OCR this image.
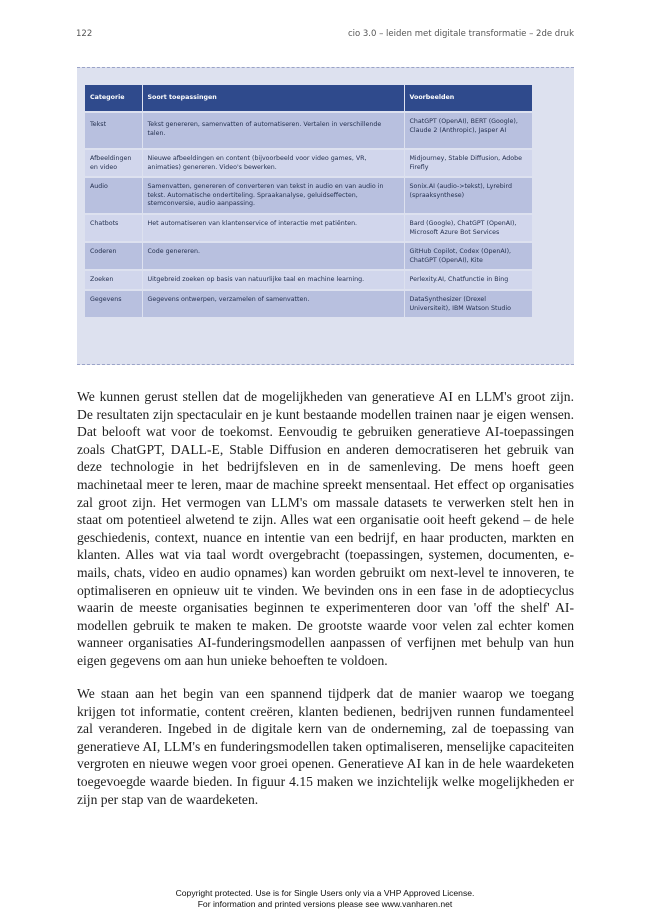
122	cio 3.0 – leiden met digitale transformatie – 2de druk
Categorie	Soort toepassingen	Voorbeelden
Tekst	Tekst genereren, samenvatten of automatiseren. Vertalen in verschillende talen.	ChatGPT (OpenAI), BERT (Google), Claude 2 (Anthropic), Jasper AI
Afbeeldingen en video	Nieuwe afbeeldingen en content (bijvoorbeeld voor video games, VR, animaties) genereren. Video's bewerken.	Midjourney, Stable Diffusion, Adobe Firefly
Audio	Samenvatten, genereren of converteren van tekst in audio en van audio in tekst. Automatische ondertiteling. Spraakanalyse, geluidseffecten, stemconversie, audio aanpassing.	Sonix.AI (audio->tekst), Lyrebird (spraaksynthese)
Chatbots	Het automatiseren van klantenservice of interactie met patiënten.	Bard (Google), ChatGPT (OpenAI), Microsoft Azure Bot Services
Coderen	Code genereren.	GitHub Copilot, Codex (OpenAI), ChatGPT (OpenAI), Kite
Zoeken	Uitgebreid zoeken op basis van natuurlijke taal en machine learning.	Perlexity.AI, Chatfunctie in Bing
Gegevens	Gegevens ontwerpen, verzamelen of samenvatten.	DataSynthesizer (Drexel Universiteit), IBM Watson Studio

We kunnen gerust stellen dat de mogelijkheden van generatieve AI en LLM's groot zijn. De resultaten zijn spectaculair en je kunt bestaande modellen trainen naar je eigen wensen. Dat belooft wat voor de toekomst. Eenvoudig te gebruiken generatieve AI-toepassingen zoals ChatGPT, DALL-E, Stable Diffusion en anderen democratiseren het gebruik van deze technologie in het bedrijfsleven en in de samenleving. De mens hoeft geen machinetaal meer te leren, maar de machine spreekt mensentaal. Het effect op organisaties zal groot zijn. Het vermogen van LLM's om massale datasets te verwerken stelt hen in staat om potentieel alwetend te zijn. Alles wat een organisatie ooit heeft gekend – de hele geschiedenis, context, nuance en intentie van een bedrijf, en haar producten, markten en klanten. Alles wat via taal wordt overgebracht (toepassingen, systemen, documenten, e-mails, chats, video en audio opnames) kan worden gebruikt om next-level te innoveren, te optimaliseren en opnieuw uit te vinden. We bevinden ons in een fase in de adoptiecyclus waarin de meeste organisaties beginnen te experimenteren door van 'off the shelf' AI-modellen gebruik te maken te maken. De grootste waarde voor velen zal echter komen wanneer organisaties AI-funderingsmodellen aanpassen of verfijnen met behulp van hun eigen gegevens om aan hun unieke behoeften te voldoen.

We staan aan het begin van een spannend tijdperk dat de manier waarop we toegang krijgen tot informatie, content creëren, klanten bedienen, bedrijven runnen fundamenteel zal veranderen. Ingebed in de digitale kern van de onderneming, zal de toepassing van generatieve AI, LLM's en funderingsmodellen taken optimaliseren, menselijke capaciteiten vergroten en nieuwe wegen voor groei openen. Generatieve AI kan in de hele waardeketen toegevoegde waarde bieden. In figuur 4.15 maken we inzichtelijk welke mogelijkheden er zijn per stap van de waardeketen.

Copyright protected. Use is for Single Users only via a VHP Approved License.
For information and printed versions please see www.vanharen.net
